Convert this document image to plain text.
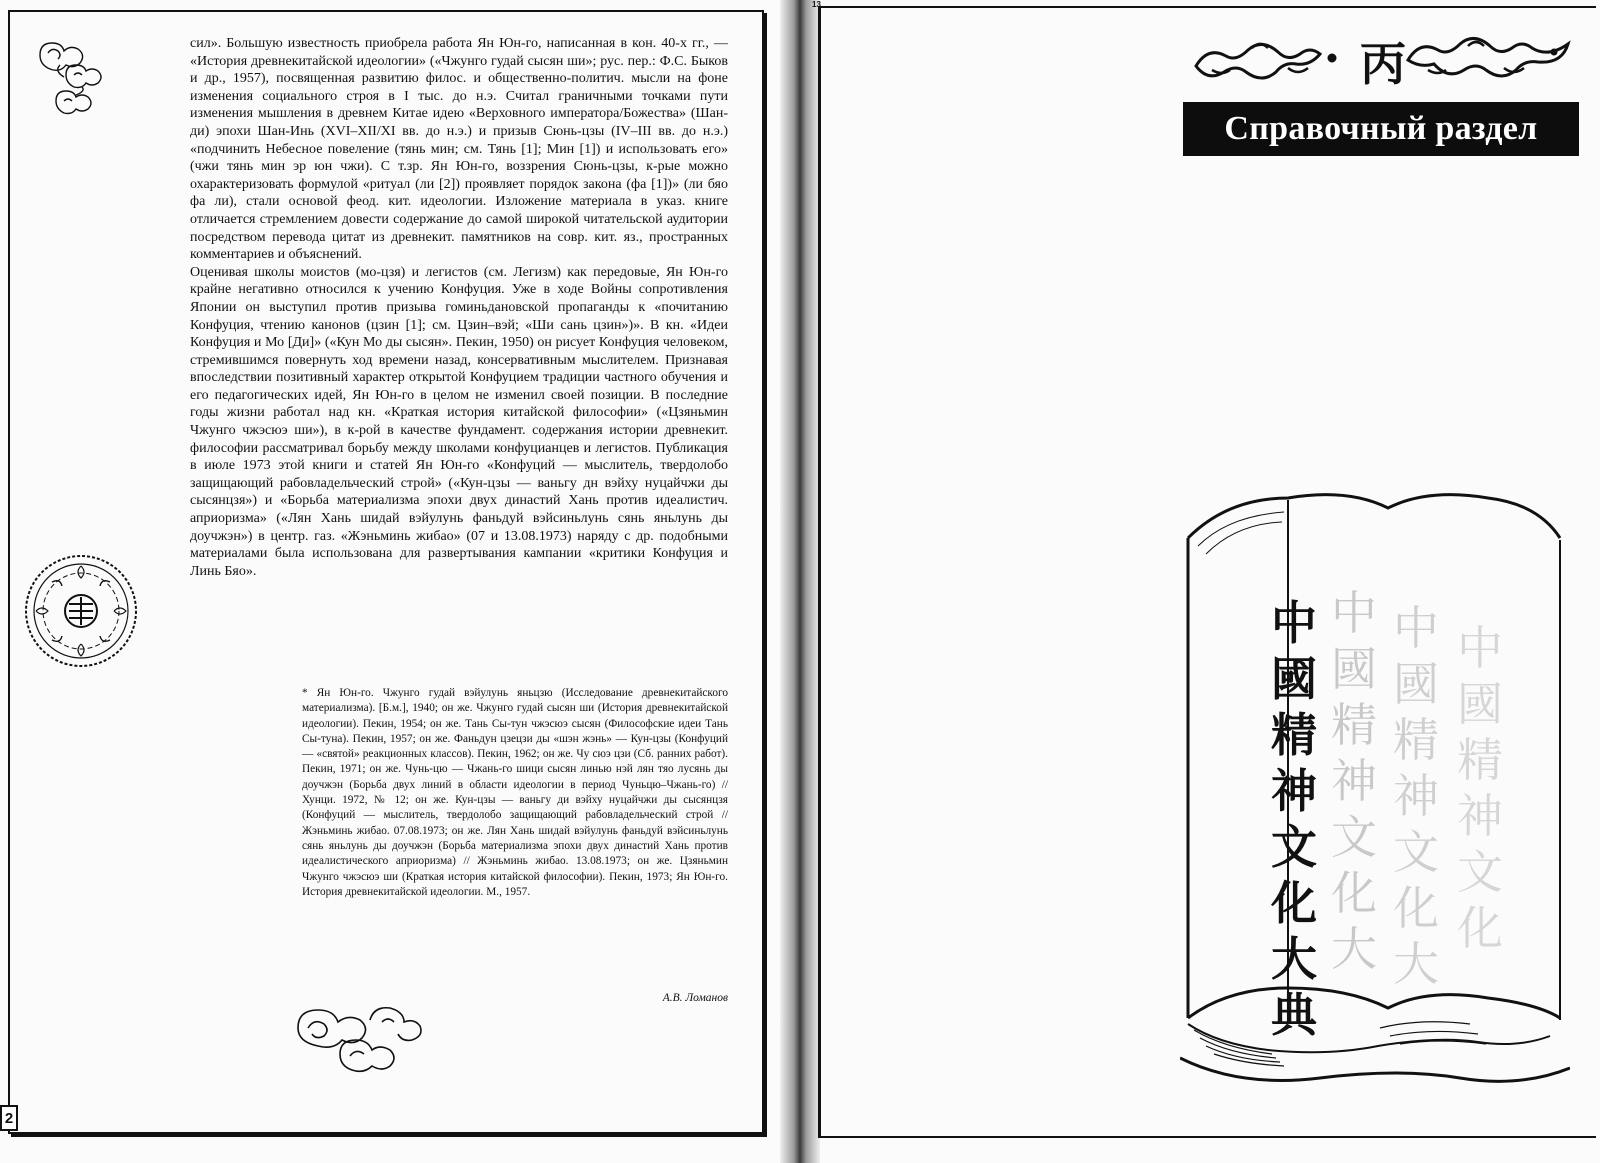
2
13

сил». Большую известность приобрела работа Ян Юн-го, написанная в кон. 40-х гг., — «История древнекитайской идеологии» («Чжунго гудай сысян ши»; рус. пер.: Ф.С. Быков и др., 1957), посвященная развитию филос. и общественно-политич. мысли на фоне изменения социального строя в I тыс. до н.э. Считал граничными точками пути изменения мышления в древнем Китае идею «Верховного императора/Божества» (Шан-ди) эпохи Шан-Инь (XVI–XII/XI вв. до н.э.) и призыв Сюнь-цзы (IV–III вв. до н.э.) «подчинить Небесное повеление (тянь мин; см. Тянь [1]; Мин [1]) и использовать его» (чжи тянь мин эр юн чжи). С т.зр. Ян Юн-го, воззрения Сюнь-цзы, к-рые можно охарактеризовать формулой «ритуал (ли [2]) проявляет порядок закона (фа [1])» (ли бяо фа ли), стали основой феод. кит. идеологии. Изложение материала в указ. книге отличается стремлением довести содержание до самой широкой читательской аудитории посредством перевода цитат из древнекит. памятников на совр. кит. яз., пространных комментариев и объяснений.

Оценивая школы моистов (мо-цзя) и легистов (см. Легизм) как передовые, Ян Юн-го крайне негативно относился к учению Конфуция. Уже в ходе Войны сопротивления Японии он выступил против призыва гоминьдановской пропаганды к «почитанию Конфуция, чтению канонов (цзин [1]; см. Цзин–вэй; «Ши сань цзин»)». В кн. «Идеи Конфуция и Мо [Ди]» («Кун Мо ды сысян». Пекин, 1950) он рисует Конфуция человеком, стремившимся повернуть ход времени назад, консервативным мыслителем. Признавая впоследствии позитивный характер открытой Конфуцием традиции частного обучения и его педагогических идей, Ян Юн-го в целом не изменил своей позиции. В последние годы жизни работал над кн. «Краткая история китайской философии» («Цзяньмин Чжунго чжэсюэ ши»), в к-рой в качестве фундамент. содержания истории древнекит. философии рассматривал борьбу между школами конфуцианцев и легистов. Публикация в июле 1973 этой книги и статей Ян Юн-го «Конфуций — мыслитель, твердолобо защищающий рабовладельческий строй» («Кун-цзы — ваньгу дн вэйху нуцайчжи ды сысянцзя») и «Борьба материализма эпохи двух династий Хань против идеалистич. априоризма» («Лян Хань шидай вэйулунь фаньдуй вэйсиньлунь сянь яньлунь ды доучжэн») в центр. газ. «Жэньминь жибао» (07 и 13.08.1973) наряду с др. подобными материалами была использована для развертывания кампании «критики Конфуция и Линь Бяо».

* Ян Юн-го. Чжунго гудай вэйулунь яньцзю (Исследование древнекитайского материализма). [Б.м.], 1940; он же. Чжунго гудай сысян ши (История древнекитайской идеологии). Пекин, 1954; он же. Тань Сы-тун чжэсюэ сысян (Философские идеи Тань Сы-туна). Пекин, 1957; он же. Фаньдун цзецзи ды «шэн жэнь» — Кун-цзы (Конфуций — «святой» реакционных классов). Пекин, 1962; он же. Чу сюэ цзи (Сб. ранних работ). Пекин, 1971; он же. Чунь-цю — Чжань-го шици сысян линью нэй лян тяо лусянь ды доучжэн (Борьба двух линий в области идеологии в период Чуньцю–Чжань-го) // Хунци. 1972, № 12; он же. Кун-цзы — ваньгу ди вэйху нуцайчжи ды сысянцзя (Конфуций — мыслитель, твердолобо защищающий рабовладельческий строй // Жэньминь жибао. 07.08.1973; он же. Лян Хань шидай вэйулунь фаньдуй вэйсиньлунь сянь яньлунь ды доучжэн (Борьба материализма эпохи двух династий Хань против идеалистического априоризма) // Жэньминь жибао. 13.08.1973; он же. Цзяньмин Чжунго чжэсюэ ши (Краткая история китайской философии). Пекин, 1973; Ян Юн-го. История древнекитайской идеологии. М., 1957.

А.В. Ломанов
丙
Справочный раздел
中
國
精
神
文
化
中
國
精
神
文
化
大
中
國
精
神
文
化
大
中
國
精
神
文
化
大
典
